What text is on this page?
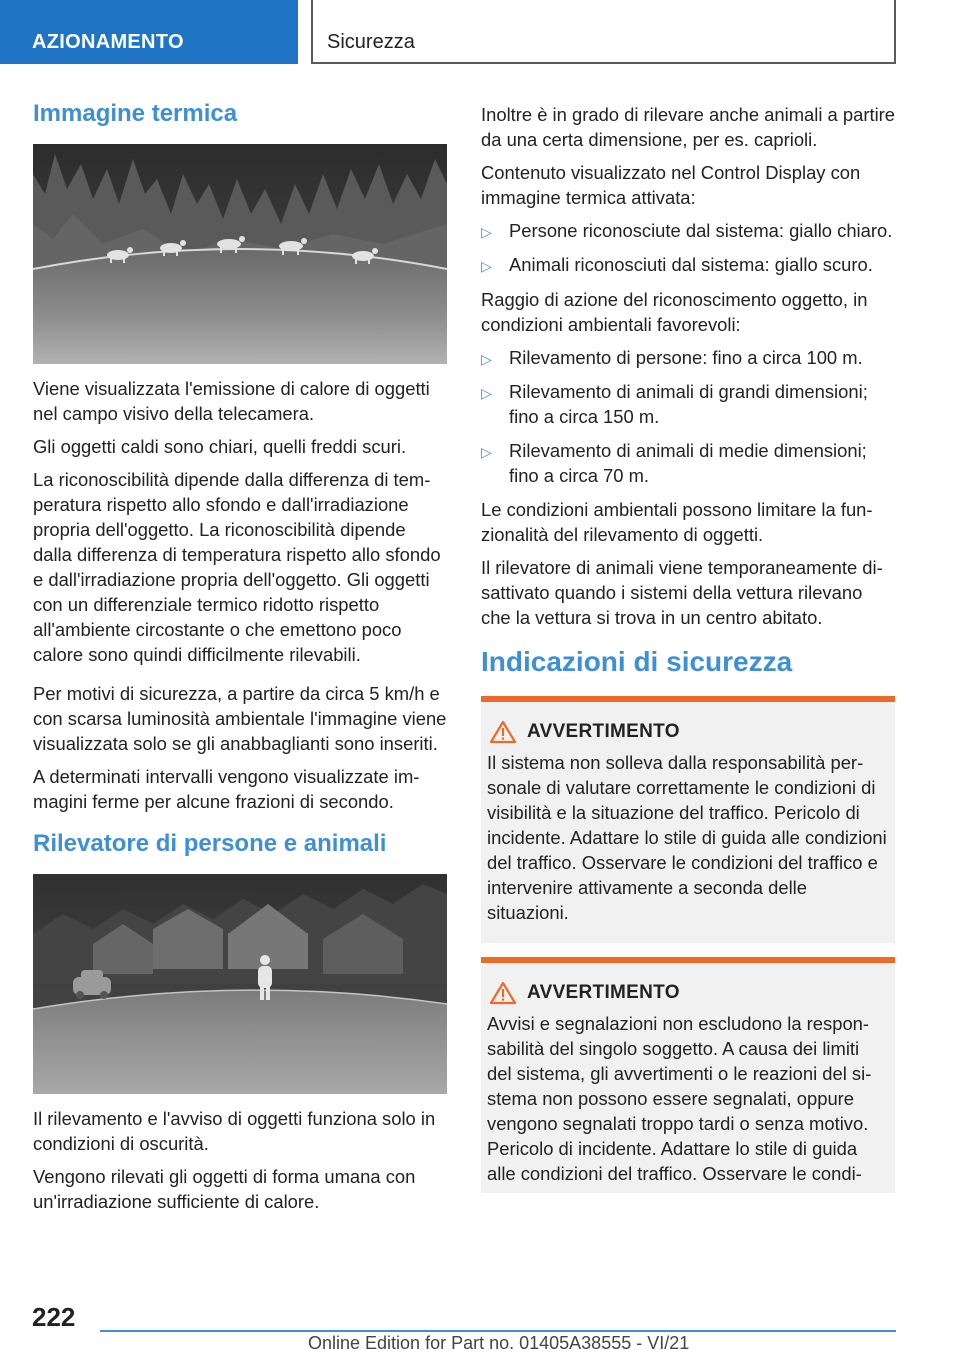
AZIONAMENTO	Sicurezza
Immagine termica
Viene visualizzata l'emissione di calore di oggetti nel campo visivo della telecamera.
Gli oggetti caldi sono chiari, quelli freddi scuri.
La riconoscibilità dipende dalla differenza di temperatura rispetto allo sfondo e dall'irradiazione propria dell'oggetto. La riconoscibilità dipende dalla differenza di temperatura rispetto allo sfondo e dall'irradiazione propria dell'oggetto. Gli oggetti con un differenziale termico ridotto rispetto all'ambiente circostante o che emettono poco calore sono quindi difficilmente rilevabili.
Per motivi di sicurezza, a partire da circa 5 km/h e con scarsa luminosità ambientale l'immagine viene visualizzata solo se gli anabbaglianti sono inseriti.
A determinati intervalli vengono visualizzate immagini ferme per alcune frazioni di secondo.
Rilevatore di persone e animali
Il rilevamento e l'avviso di oggetti funziona solo in condizioni di oscurità.
Vengono rilevati gli oggetti di forma umana con un'irradiazione sufficiente di calore.
Inoltre è in grado di rilevare anche animali a partire da una certa dimensione, per es. caprioli.
Contenuto visualizzato nel Control Display con immagine termica attivata:
▷ Persone riconosciute dal sistema: giallo chiaro.
▷ Animali riconosciuti dal sistema: giallo scuro.
Raggio di azione del riconoscimento oggetto, in condizioni ambientali favorevoli:
▷ Rilevamento di persone: fino a circa 100 m.
▷ Rilevamento di animali di grandi dimensioni; fino a circa 150 m.
▷ Rilevamento di animali di medie dimensioni; fino a circa 70 m.
Le condizioni ambientali possono limitare la funzionalità del rilevamento di oggetti.
Il rilevatore di animali viene temporaneamente disattivato quando i sistemi della vettura rilevano che la vettura si trova in un centro abitato.
Indicazioni di sicurezza
AVVERTIMENTO
Il sistema non solleva dalla responsabilità personale di valutare correttamente le condizioni di visibilità e la situazione del traffico. Pericolo di incidente. Adattare lo stile di guida alle condizioni del traffico. Osservare le condizioni del traffico e intervenire attivamente a seconda delle situazioni.
AVVERTIMENTO
Avvisi e segnalazioni non escludono la responsabilità del singolo soggetto. A causa dei limiti del sistema, gli avvertimenti o le reazioni del sistema non possono essere segnalati, oppure vengono segnalati troppo tardi o senza motivo. Pericolo di incidente. Adattare lo stile di guida alle condizioni del traffico. Osservare le condi-
222
Online Edition for Part no. 01405A38555 - VI/21
